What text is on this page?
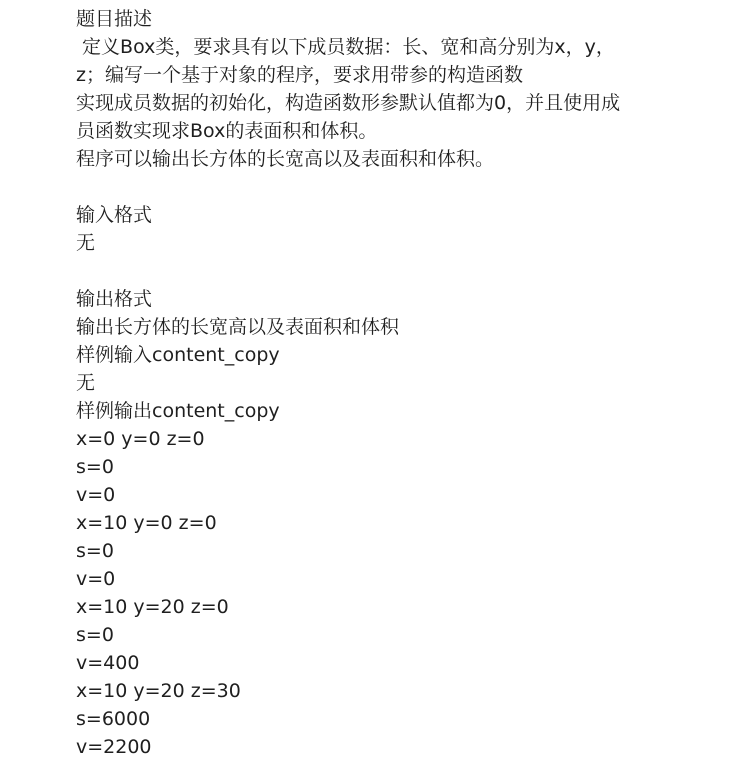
题目描述
定义Box类，要求具有以下成员数据：长、宽和高分别为x，y，
z；编写一个基于对象的程序，要求用带参的构造函数
实现成员数据的初始化，构造函数形参默认值都为0，并且使用成
员函数实现求Box的表面积和体积。
程序可以输出长方体的长宽高以及表面积和体积。
输入格式
无
输出格式
输出长方体的长宽高以及表面积和体积
样例输入content_copy
无
样例输出content_copy
x=0 y=0 z=0
s=0
v=0
x=10 y=0 z=0
s=0
v=0
x=10 y=20 z=0
s=0
v=400
x=10 y=20 z=30
s=6000
v=2200
